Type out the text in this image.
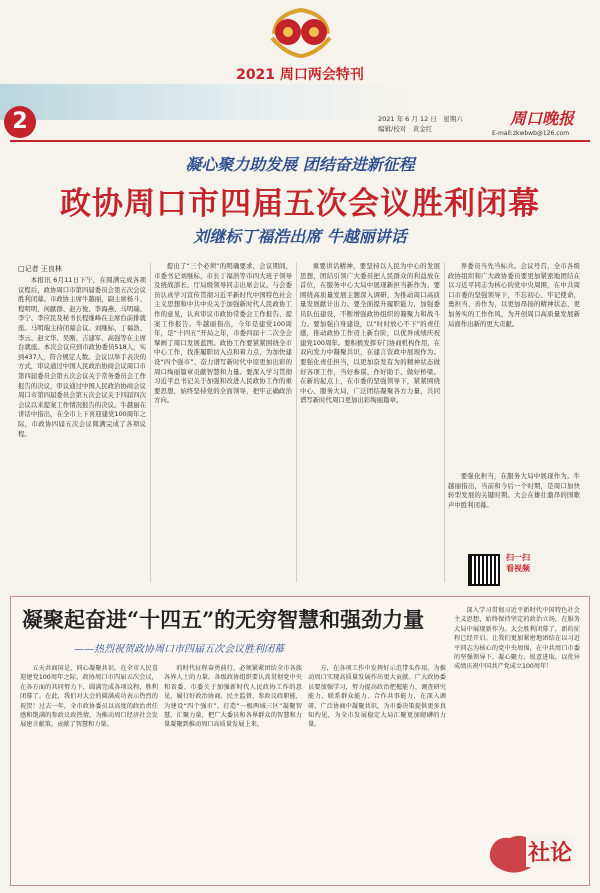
2021 周口两会特刊
2	2021 年 6 月 12 日　星期六
编辑/校对　黄金红
周口晚报
E-mail:zkwbwb@126.com
凝心聚力助发展 团结奋进新征程
政协周口市四届五次会议胜利闭幕
刘继标丁福浩出席 牛越丽讲话
□记者 王良林

本报讯 6月11日下午，在圆满完成各项议程后，政协周口市第四届委员会第五次会议胜利闭幕。市政协主席牛越丽，副主席杨斗、程明明、何献群、赵万俊、李海燕、马明瑞、李宁、李应民及秘书长程继峰在主席台前排就座。马明瑞主持闭幕会议。刘继标、丁福浩、李云、赵文华、吴刚、吉建军、高强等在主席台就座。本次会议应到市政协委员518人，实到437人，符合规定人数。会议以举手表决的方式，审议通过中国人民政治协商会议周口市第四届委员会第五次会议关于常务委员会工作报告的决议，审议通过中国人民政治协商会议周口市第四届委员会第五次会议关于四届四次会议以来提案工作情况报告的决议。牛越丽在讲话中指出，在全市上下喜迎建党100周年之际，市政协四届五次会议圆满完成了各项议程。

提出了“三个必须”的明确要求，会议期间，市委书记刘继标，市长丁福浩等市四大班子领导及统战部长、厅局级领导同志出席会议。与会委员认真学习宣传贯彻习近平新时代中国特色社会主义思想和中共中央关于加强新时代人民政协工作的意见，认真审议市政协常委会工作报告、提案工作报告。牛越丽指出，今年是建党100周年，是“十四五”开局之年，市委四届十二次全会擘画了周口发展蓝图。政协工作要紧紧围绕全市中心工作，找准履职切入点和着力点，为加快建设“四个强市”、奋力谱写新时代中原更加出彩的周口绚丽篇章贡献智慧和力量。要深入学习贯彻习近平总书记关于加强和改进人民政协工作的重要思想，始终坚持党的全面领导，把牢正确政治方向。

重要讲话精神，要坚持以人民为中心的发展思想，团结引领广大委员把人民群众的利益放在首位，在服务中心大局中展现新担当新作为。要围绕高质量发展主题深入调研，为推动周口高质量发展献计出力。要全面提升履职能力，加强委员队伍建设，不断增强政协组织的凝聚力和战斗力。要加强自身建设，以“时时放心不下”的责任感，推动政协工作迈上新台阶，以优异成绩庆祝建党100周年。要积极发挥专门协商机构作用，在双向发力中凝聚共识，在建言资政中展现作为。要强化责任担当，以更加奋发有为的精神状态做好各项工作，当好参谋、作好助手、做好桥梁。在新的起点上，在市委的坚强领导下，紧紧围绕中心、服务大局，广泛团结凝聚各方力量，共同谱写新时代周口更加出彩绚丽篇章。

界委员当先当标兵。会议号召，全市各级政协组织和广大政协委员要更加紧密地团结在以习近平同志为核心的党中央周围，在中共周口市委的坚强领导下，不忘初心、牢记使命，勇担当、善作为，以更加昂扬的精神状态、更加务实的工作作风，为开创周口高质量发展新局面作出新的更大贡献。

要强化担当，在服务大局中展现作为。牛越丽指出，当前和今后一个时期，是周口加快转型发展的关键时期。大会在雄壮激昂的国歌声中胜利闭幕。

扫一扫看视频
凝聚起奋进“十四五”的无穷智慧和强劲力量
——热烈祝贺政协周口市四届五次会议胜利闭幕

五天共商国是，同心凝聚共识。在全市人民喜迎建党100周年之际，政协周口市四届五次会议，在各方面的共同努力下，圆满完成各项议程，胜利闭幕了。在此，我们对大会的圆满成功表示热烈的祝贺！过去一年，全市政协委员以高度的政治责任感和饱满的参政议政热情，为推动周口经济社会发展建言献策，贡献了智慧和力量。

的时代征程奋勇前行，必须紧紧团结全市各族各界人士的力量。各级政协组织要认真贯彻党中央和省委、市委关于加强新时代人民政协工作的意见，履行好政治协商、民主监督、参政议政职能，为建设“四个强市”、打造“一极两城三区”凝聚智慧、汇聚力量，把广大委员和各界群众的智慧和力量凝聚到推动周口高质量发展上来。

方，在各项工作中发挥好示范带头作用，为推动周口实现高质量发展作出更大贡献。广大政协委员要加强学习，努力提高政治把握能力、调查研究能力、联系群众能力、合作共事能力，在深入调研、广泛协商中凝聚共识，为市委决策提供更多真知灼见，为全市发展稳定大局汇聚更加磅礴的力量。

深入学习贯彻习近平新时代中国特色社会主义思想，始终保持坚定的政治立场，在服务大局中展现新作为。大会胜利闭幕了，新的征程已经开启。让我们更加紧密地团结在以习近平同志为核心的党中央周围，在中共周口市委的坚强领导下，凝心聚力、锐意进取，以优异成绩庆祝中国共产党成立100周年！

社论
